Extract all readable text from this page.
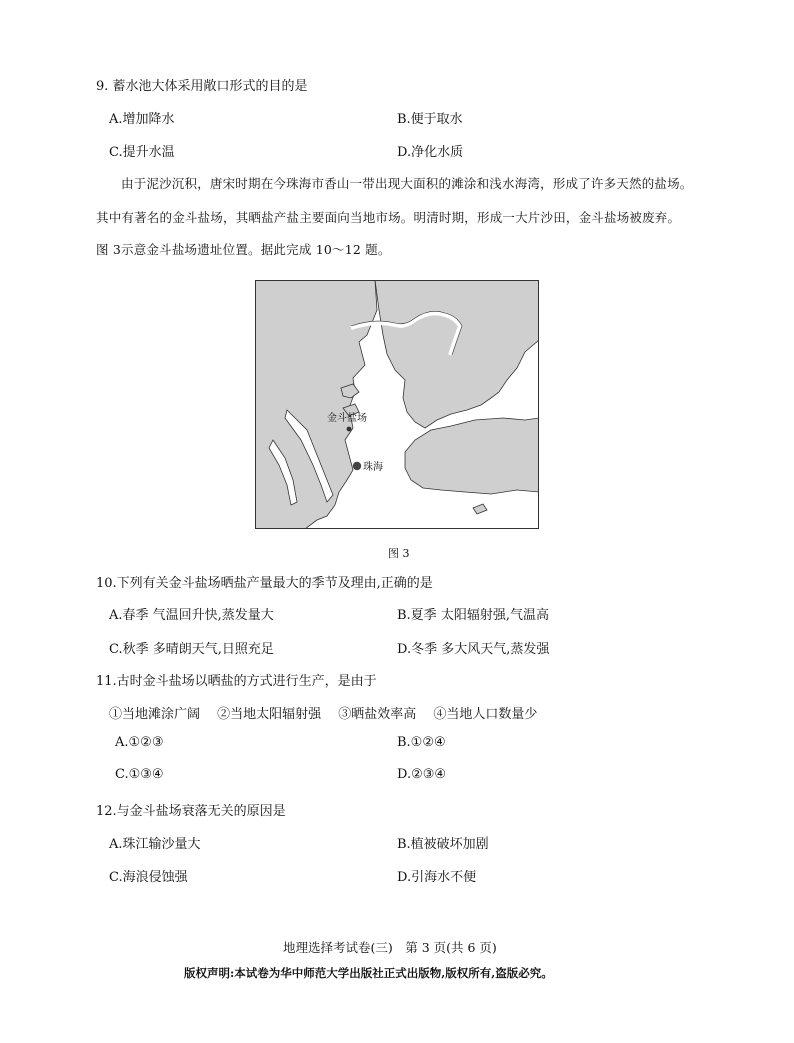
9. 蓄水池大体采用敞口形式的目的是
A.增加降水	B.便于取水
C.提升水温	D.净化水质
由于泥沙沉积，唐宋时期在今珠海市香山一带出现大面积的滩涂和浅水海湾，形成了许多天然的盐场。
其中有著名的金斗盐场，其晒盐产盐主要面向当地市场。明清时期，形成一大片沙田，金斗盐场被废弃。
图 3示意金斗盐场遗址位置。据此完成 10～12 题。
金斗盐场
珠海
图 3
10.下列有关金斗盐场晒盐产量最大的季节及理由,正确的是
A.春季 气温回升快,蒸发量大	B.夏季 太阳辐射强,气温高
C.秋季 多晴朗天气,日照充足	D.冬季 多大风天气,蒸发强
11.古时金斗盐场以晒盐的方式进行生产，是由于
①当地滩涂广阔　 ②当地太阳辐射强　 ③晒盐效率高　 ④当地人口数量少
A.①②③	B.①②④
C.①③④	D.②③④
12.与金斗盐场衰落无关的原因是
A.珠江输沙量大	B.植被破坏加剧
C.海浪侵蚀强	D.引海水不便
地理选择考试卷(三)　第 3 页(共 6 页)
版权声明:本试卷为华中师范大学出版社正式出版物,版权所有,盗版必究。
